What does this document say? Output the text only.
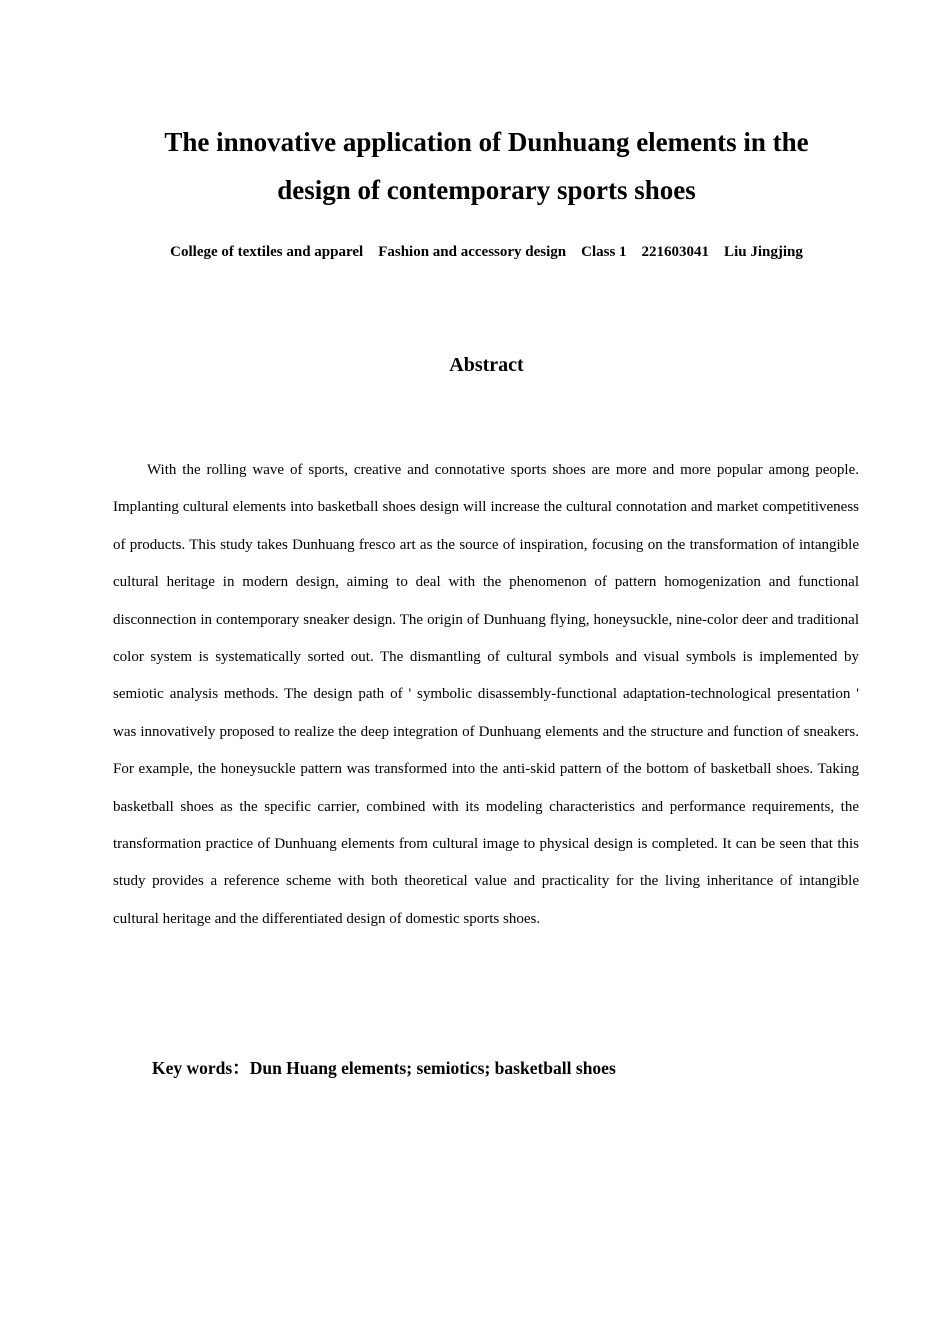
The innovative application of Dunhuang elements in the
design of contemporary sports shoes

College of textiles and apparel    Fashion and accessory design    Class 1    221603041    Liu Jingjing

Abstract

With the rolling wave of sports, creative and connotative sports shoes are more and more popular among people. Implanting cultural elements into basketball shoes design will increase the cultural connotation and market competitiveness of products. This study takes Dunhuang fresco art as the source of inspiration, focusing on the transformation of intangible cultural heritage in modern design, aiming to deal with the phenomenon of pattern homogenization and functional disconnection in contemporary sneaker design. The origin of Dunhuang flying, honeysuckle, nine-color deer and traditional color system is systematically sorted out. The dismantling of cultural symbols and visual symbols is implemented by semiotic analysis methods. The design path of ' symbolic disassembly-functional adaptation-technological presentation ' was innovatively proposed to realize the deep integration of Dunhuang elements and the structure and function of sneakers. For example, the honeysuckle pattern was transformed into the anti-skid pattern of the bottom of basketball shoes. Taking basketball shoes as the specific carrier, combined with its modeling characteristics and performance requirements, the transformation practice of Dunhuang elements from cultural image to physical design is completed. It can be seen that this study provides a reference scheme with both theoretical value and practicality for the living inheritance of intangible cultural heritage and the differentiated design of domestic sports shoes.

Key words：Dun Huang elements; semiotics; basketball shoes
